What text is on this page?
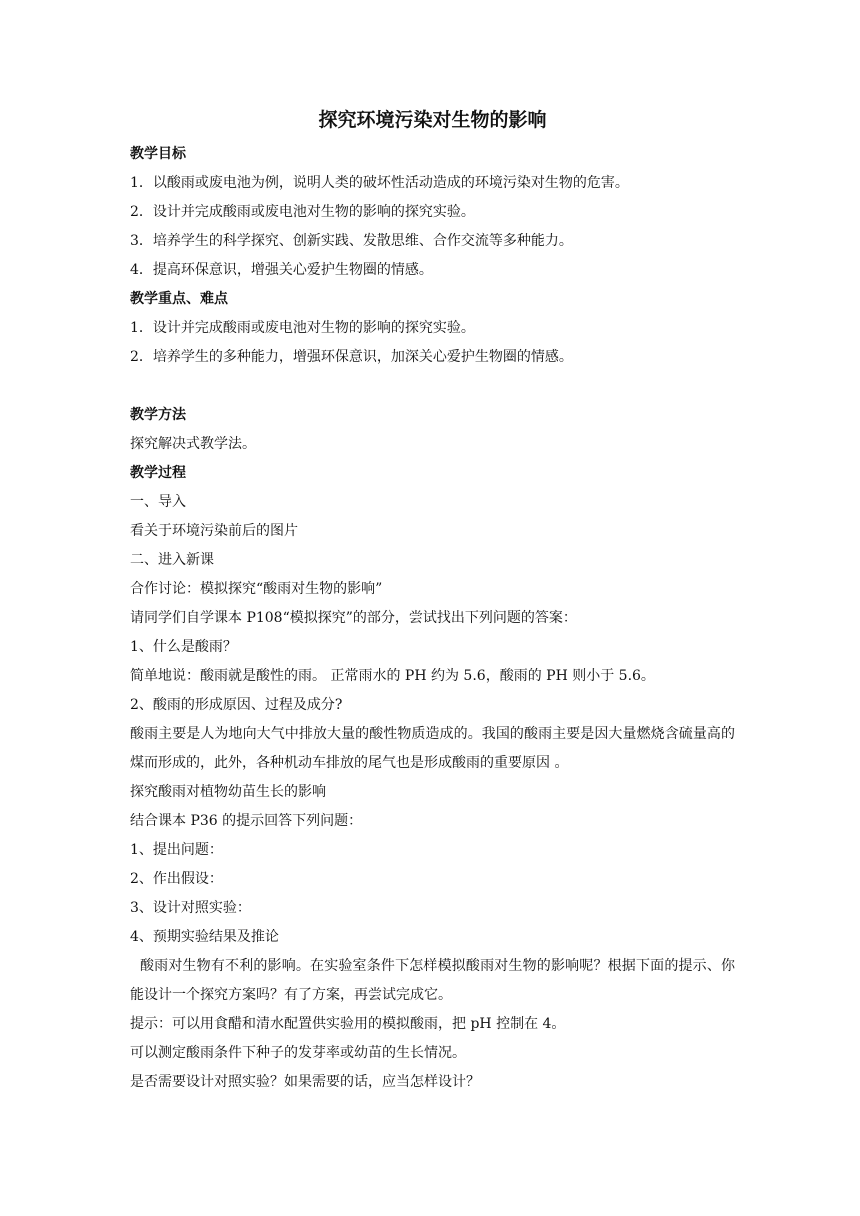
探究环境污染对生物的影响

教学目标

1．以酸雨或废电池为例，说明人类的破坏性活动造成的环境污染对生物的危害。

2．设计并完成酸雨或废电池对生物的影响的探究实验。

3．培养学生的科学探究、创新实践、发散思维、合作交流等多种能力。

4．提高环保意识，增强关心爱护生物圈的情感。

教学重点、难点

1．设计并完成酸雨或废电池对生物的影响的探究实验。

2．培养学生的多种能力，增强环保意识，加深关心爱护生物圈的情感。

教学方法

探究解决式教学法。

教学过程

一、导入

看关于环境污染前后的图片

二、进入新课

合作讨论：模拟探究“酸雨对生物的影响”

请同学们自学课本 P108“模拟探究”的部分，尝试找出下列问题的答案：

1、什么是酸雨？

简单地说：酸雨就是酸性的雨。 正常雨水的 PH 约为 5.6，酸雨的 PH 则小于 5.6。

2、酸雨的形成原因、过程及成分?

酸雨主要是人为地向大气中排放大量的酸性物质造成的。我国的酸雨主要是因大量燃烧含硫量高的煤而形成的，此外，各种机动车排放的尾气也是形成酸雨的重要原因 。

探究酸雨对植物幼苗生长的影响

结合课本 P36 的提示回答下列问题：

1、提出问题：

2、作出假设：

3、设计对照实验：

4、预期实验结果及推论

酸雨对生物有不利的影响。在实验室条件下怎样模拟酸雨对生物的影响呢？根据下面的提示、你能设计一个探究方案吗？有了方案，再尝试完成它。

提示：可以用食醋和清水配置供实验用的模拟酸雨，把 pH 控制在 4。

可以测定酸雨条件下种子的发芽率或幼苗的生长情况。

是否需要设计对照实验？如果需要的话，应当怎样设计？
